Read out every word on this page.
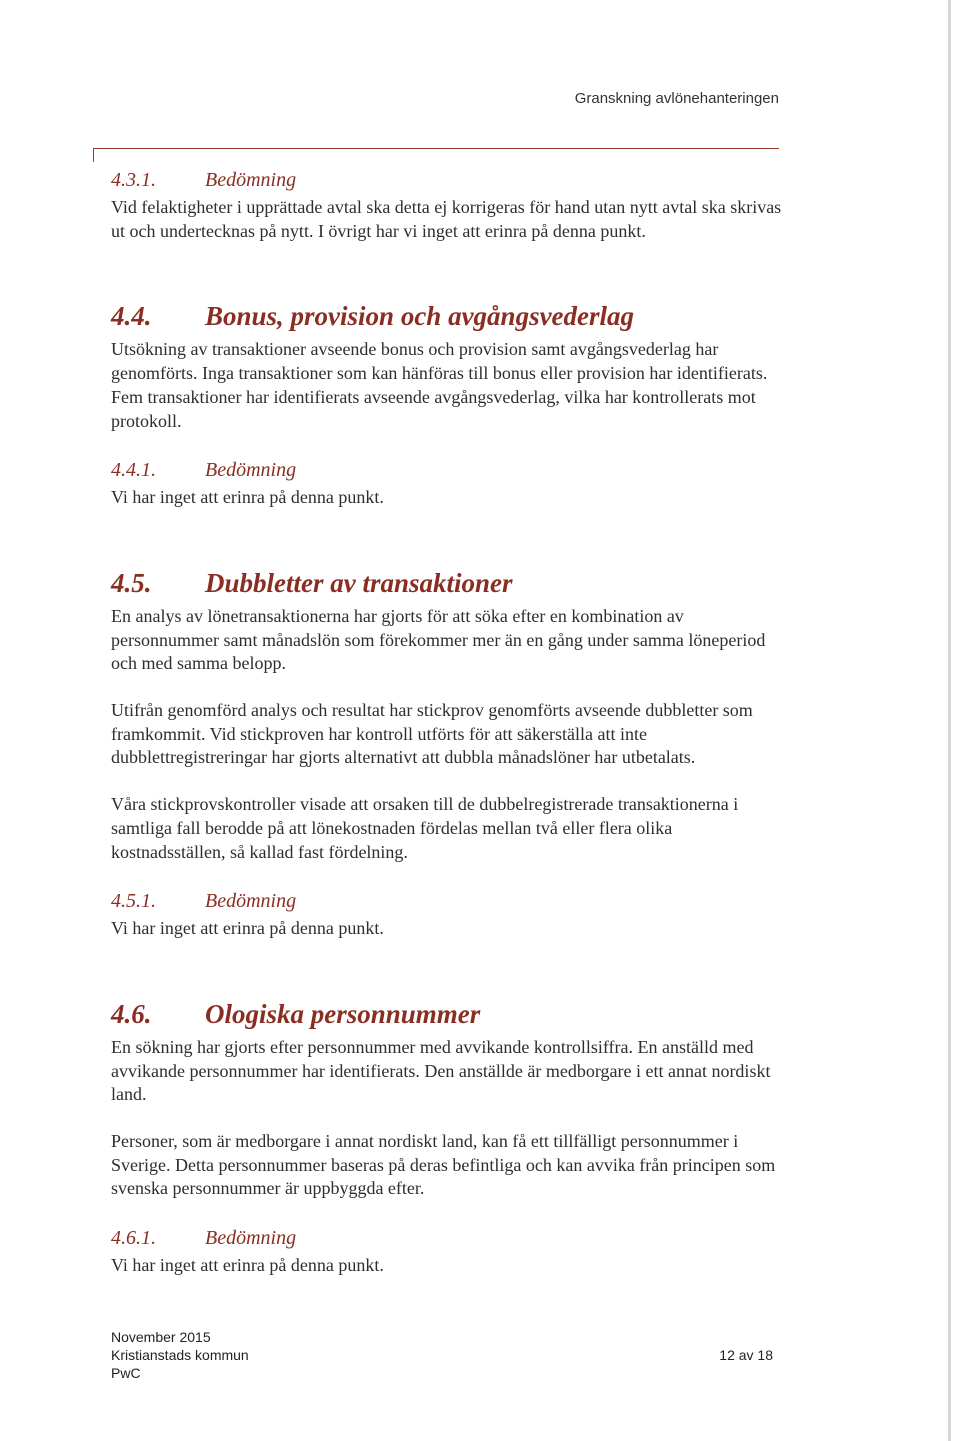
Granskning avlönehanteringen
4.3.1. Bedömning

Vid felaktigheter i upprättade avtal ska detta ej korrigeras för hand utan nytt avtal ska skrivas ut och undertecknas på nytt. I övrigt har vi inget att erinra på denna punkt.

4.4. Bonus, provision och avgångsvederlag

Utsökning av transaktioner avseende bonus och provision samt avgångsvederlag har genomförts. Inga transaktioner som kan hänföras till bonus eller provision har identifierats. Fem transaktioner har identifierats avseende avgångsvederlag, vilka har kontrollerats mot protokoll.

4.4.1. Bedömning

Vi har inget att erinra på denna punkt.

4.5. Dubbletter av transaktioner

En analys av lönetransaktionerna har gjorts för att söka efter en kombination av personnummer samt månadslön som förekommer mer än en gång under samma löneperiod och med samma belopp.

Utifrån genomförd analys och resultat har stickprov genomförts avseende dubbletter som framkommit. Vid stickproven har kontroll utförts för att säkerställa att inte dubblettregistreringar har gjorts alternativt att dubbla månadslöner har utbetalats.

Våra stickprovskontroller visade att orsaken till de dubbelregistrerade transaktionerna i samtliga fall berodde på att lönekostnaden fördelas mellan två eller flera olika kostnadsställen, så kallad fast fördelning.

4.5.1. Bedömning

Vi har inget att erinra på denna punkt.

4.6. Ologiska personnummer

En sökning har gjorts efter personnummer med avvikande kontrollsiffra. En anställd med avvikande personnummer har identifierats. Den anställde är medborgare i ett annat nordiskt land.

Personer, som är medborgare i annat nordiskt land, kan få ett tillfälligt personnummer i Sverige. Detta personnummer baseras på deras befintliga och kan avvika från principen som svenska personnummer är uppbyggda efter.

4.6.1. Bedömning

Vi har inget att erinra på denna punkt.

November 2015
Kristianstads kommun
PwC
12 av 18
